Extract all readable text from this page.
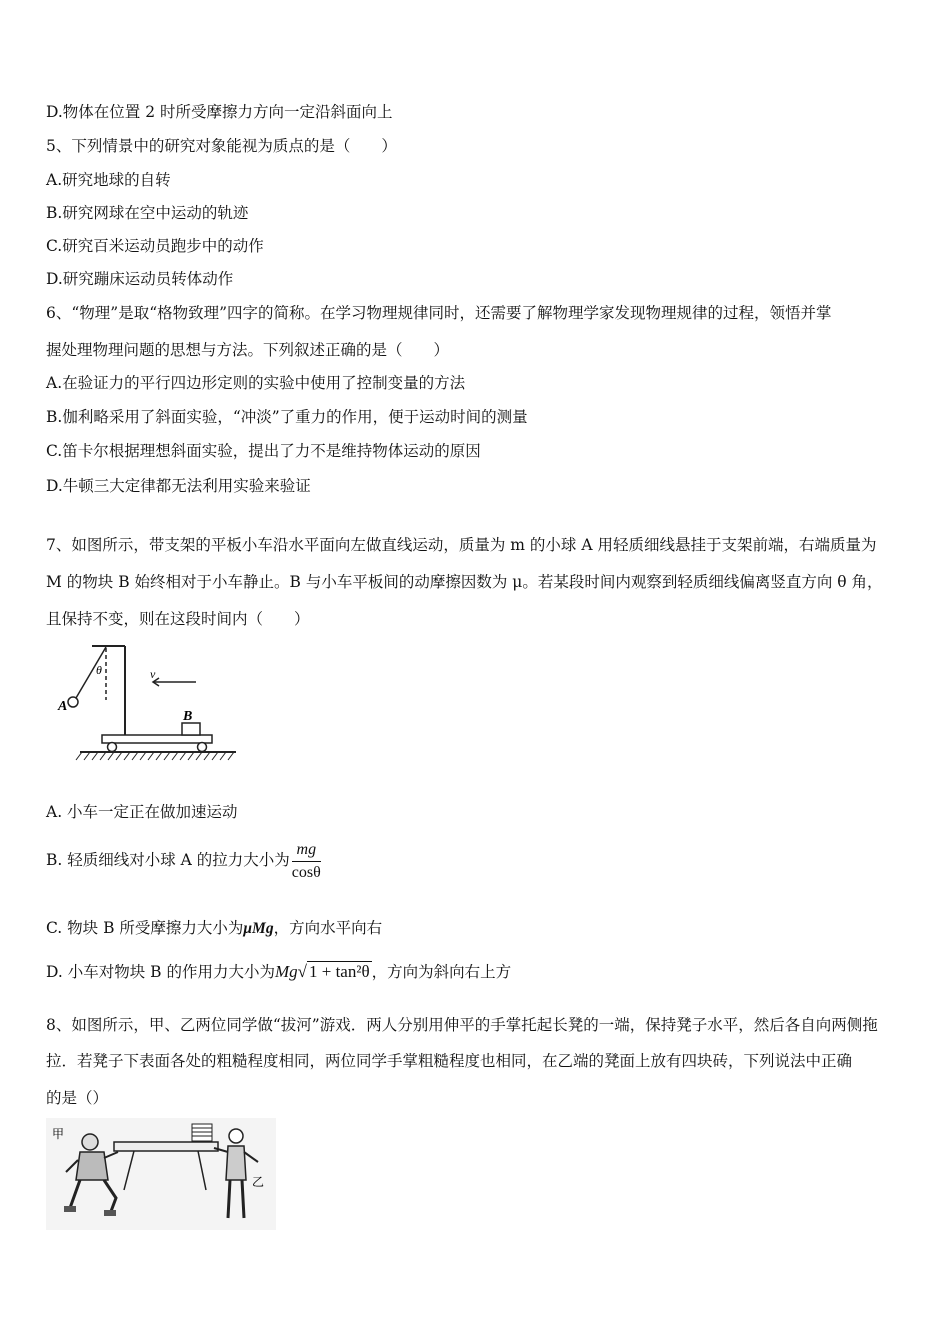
D.物体在位置 2 时所受摩擦力方向一定沿斜面向上
5、下列情景中的研究对象能视为质点的是（　　）
A.研究地球的自转
B.研究网球在空中运动的轨迹
C.研究百米运动员跑步中的动作
D.研究蹦床运动员转体动作
6、“物理”是取“格物致理”四字的简称。在学习物理规律同时，还需要了解物理学家发现物理规律的过程，领悟并掌
握处理物理问题的思想与方法。下列叙述正确的是（　　）
A.在验证力的平行四边形定则的实验中使用了控制变量的方法
B.伽利略采用了斜面实验，“冲淡”了重力的作用，便于运动时间的测量
C.笛卡尔根据理想斜面实验，提出了力不是维持物体运动的原因
D.牛顿三大定律都无法利用实验来验证
7、如图所示，带支架的平板小车沿水平面向左做直线运动，质量为 m 的小球 A 用轻质细线悬挂于支架前端，右端质量为
M 的物块 B 始终相对于小车静止。B 与小车平板间的动摩擦因数为 μ。若某段时间内观察到轻质细线偏离竖直方向 θ 角，
且保持不变，则在这段时间内（　　）
A
θ
B
v
A. 小车一定正在做加速运动
B. 轻质细线对小球 A 的拉力大小为 $\frac{mg}{\cos\theta}$
C. 物块 B 所受摩擦力大小为μMg，方向水平向右
D. 小车对物块 B 的作用力大小为Mg√ 1 + tan²θ ，方向为斜向右上方
8、如图所示，甲、乙两位同学做“拔河”游戏．两人分别用伸平的手掌托起长凳的一端，保持凳子水平，然后各自向两侧拖
拉．若凳子下表面各处的粗糙程度相同，两位同学手掌粗糙程度也相同，在乙端的凳面上放有四块砖，下列说法中正确
的是（）
甲
乙
